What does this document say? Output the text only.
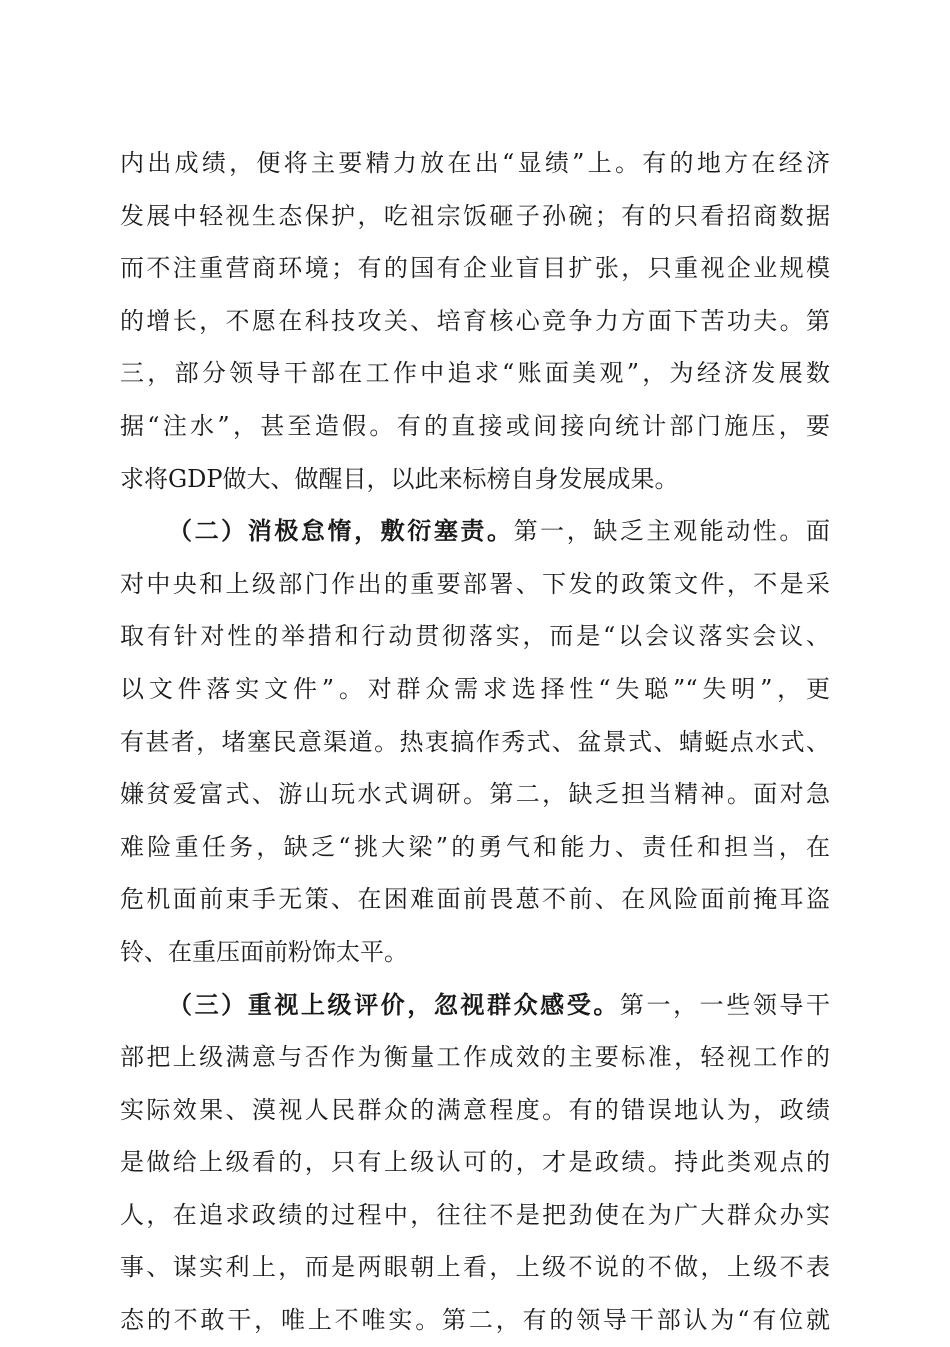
内出成绩，便将主要精力放在出“显绩”上。有的地方在经济
发展中轻视生态保护，吃祖宗饭砸子孙碗；有的只看招商数据
而不注重营商环境；有的国有企业盲目扩张，只重视企业规模
的增长，不愿在科技攻关、培育核心竞争力方面下苦功夫。第
三，部分领导干部在工作中追求“账面美观”，为经济发展数
据“注水”，甚至造假。有的直接或间接向统计部门施压，要
求将GDP做大、做醒目，以此来标榜自身发展成果。
（二）消极怠惰，敷衍塞责。第一，缺乏主观能动性。面
对中央和上级部门作出的重要部署、下发的政策文件，不是采
取有针对性的举措和行动贯彻落实，而是“以会议落实会议、
以文件落实文件”。对群众需求选择性“失聪”“失明”，更
有甚者，堵塞民意渠道。热衷搞作秀式、盆景式、蜻蜓点水式、
嫌贫爱富式、游山玩水式调研。第二，缺乏担当精神。面对急
难险重任务，缺乏“挑大梁”的勇气和能力、责任和担当，在
危机面前束手无策、在困难面前畏葸不前、在风险面前掩耳盗
铃、在重压面前粉饰太平。
（三）重视上级评价，忽视群众感受。第一，一些领导干
部把上级满意与否作为衡量工作成效的主要标准，轻视工作的
实际效果、漠视人民群众的满意程度。有的错误地认为，政绩
是做给上级看的，只有上级认可的，才是政绩。持此类观点的
人，在追求政绩的过程中，往往不是把劲使在为广大群众办实
事、谋实利上，而是两眼朝上看，上级不说的不做，上级不表
态的不敢干，唯上不唯实。第二，有的领导干部认为“有位就
